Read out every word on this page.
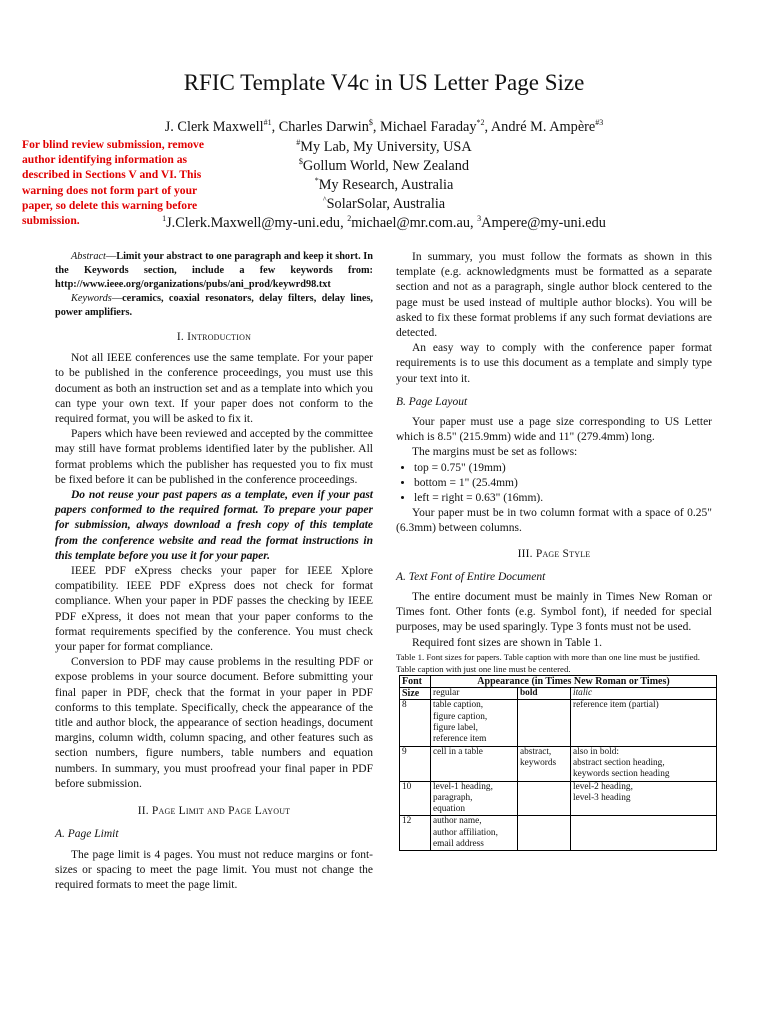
RFIC Template V4c in US Letter Page Size
J. Clerk Maxwell$^{\#1}$, Charles Darwin$, Michael Faraday$^{*2}$, André M. Ampère$^{\#3}$
#My Lab, My University, USA
$Gollum World, New Zealand
*My Research, Australia
^SolarSolar, Australia
$^1$J.Clerk.Maxwell@my-uni.edu, $^2$michael@mr.com.au, $^3$Ampere@my-uni.edu
For blind review submission, remove author identifying information as described in Sections V and VI. This warning does not form part of your paper, so delete this warning before submission.

Abstract—Limit your abstract to one paragraph and keep it short. In the Keywords section, include a few keywords from: http://www.ieee.org/organizations/pubs/ani_prod/keywrd98.txt

Keywords—ceramics, coaxial resonators, delay filters, delay lines, power amplifiers.

I. Introduction

Not all IEEE conferences use the same template. For your paper to be published in the conference proceedings, you must use this document as both an instruction set and as a template into which you can type your own text. If your paper does not conform to the required format, you will be asked to fix it.

Papers which have been reviewed and accepted by the committee may still have format problems identified later by the publisher. All format problems which the publisher has requested you to fix must be fixed before it can be published in the conference proceedings.

Do not reuse your past papers as a template, even if your past papers conformed to the required format. To prepare your paper for submission, always download a fresh copy of this template from the conference website and read the format instructions in this template before you use it for your paper.

IEEE PDF eXpress checks your paper for IEEE Xplore compatibility. IEEE PDF eXpress does not check for format compliance. When your paper in PDF passes the checking by IEEE PDF eXpress, it does not mean that your paper conforms to the format requirements specified by the conference. You must check your paper for format compliance.

Conversion to PDF may cause problems in the resulting PDF or expose problems in your source document. Before submitting your final paper in PDF, check that the format in your paper in PDF conforms to this template. Specifically, check the appearance of the title and author block, the appearance of section headings, document margins, column width, column spacing, and other features such as section numbers, figure numbers, table numbers and equation numbers. In summary, you must proofread your final paper in PDF before submission.

II. Page Limit and Page Layout
A. Page Limit

The page limit is 4 pages. You must not reduce margins or font-sizes or spacing to meet the page limit. You must not change the required formats to meet the page limit.

In summary, you must follow the formats as shown in this template (e.g. acknowledgments must be formatted as a separate section and not as a paragraph, single author block centered to the page must be used instead of multiple author blocks). You will be asked to fix these format problems if any such format deviations are detected.

An easy way to comply with the conference paper format requirements is to use this document as a template and simply type your text into it.

B. Page Layout

Your paper must use a page size corresponding to US Letter which is 8.5" (215.9mm) wide and 11" (279.4mm) long.

The margins must be set as follows:

• top = 0.75" (19mm)
• bottom = 1" (25.4mm)
• left = right = 0.63" (16mm).

Your paper must be in two column format with a space of 0.25" (6.3mm) between columns.

III. Page Style
A. Text Font of Entire Document

The entire document must be mainly in Times New Roman or Times font. Other fonts (e.g. Symbol font), if needed for special purposes, may be used sparingly. Type 3 fonts must not be used.

Required font sizes are shown in Table 1.

Table 1. Font sizes for papers. Table caption with more than one line must be justified. Table caption with just one line must be centered.

Font	Appearance (in Times New Roman or Times)		
Size	regular	bold	italic
8	table caption,
figure caption,
figure label,
reference item		reference item (partial)
9	cell in a table	abstract,
keywords	also in bold:
abstract section heading,
keywords section heading
10	level-1 heading,
paragraph,
equation		level-2 heading,
level-3 heading
12	author name,
author affiliation,
email address		
